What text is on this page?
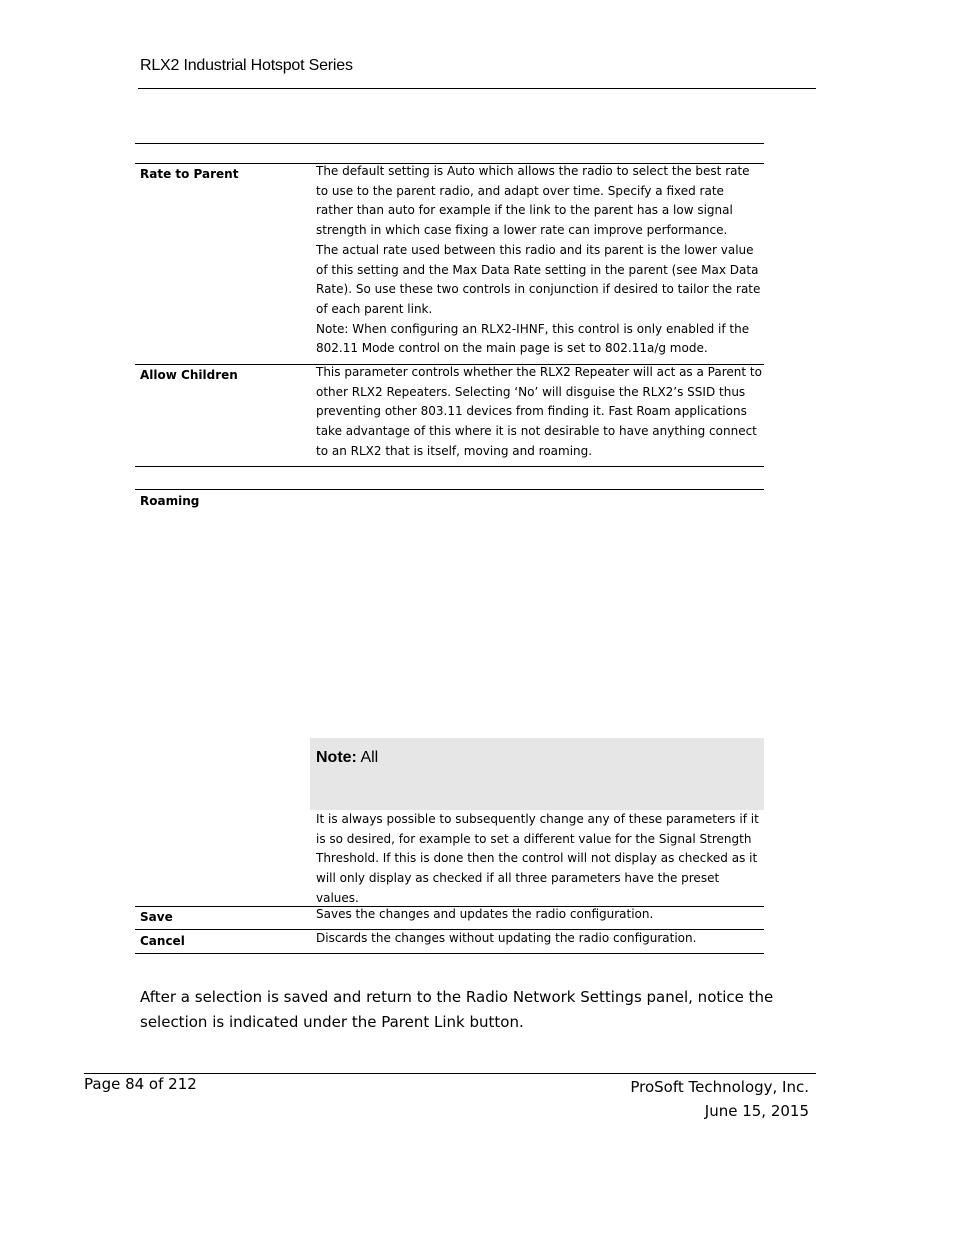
RLX2 Industrial Hotspot Series
Rate to Parent	The default setting is Auto which allows the radio to select the best rate to use to the parent radio, and adapt over time. Specify a fixed rate rather than auto for example if the link to the parent has a low signal strength in which case fixing a lower rate can improve performance.

The actual rate used between this radio and its parent is the lower value of this setting and the Max Data Rate setting in the parent (see Max Data Rate). So use these two controls in conjunction if desired to tailor the rate of each parent link.

Note: When configuring an RLX2-IHNF, this control is only enabled if the 802.11 Mode control on the main page is set to 802.11a/g mode.

Allow Children	This parameter controls whether the RLX2 Repeater will act as a Parent to other RLX2 Repeaters. Selecting ‘No’ will disguise the RLX2’s SSID thus preventing other 803.11 devices from finding it. Fast Roam applications take advantage of this where it is not desirable to have anything connect to an RLX2 that is itself, moving and roaming.

Roaming
Note: All

It is always possible to subsequently change any of these parameters if it is so desired, for example to set a different value for the Signal Strength Threshold. If this is done then the control will not display as checked as it will only display as checked if all three parameters have the preset values.

Save	Saves the changes and updates the radio configuration.

Cancel	Discards the changes without updating the radio configuration.

After a selection is saved and return to the Radio Network Settings panel, notice the selection is indicated under the Parent Link button.
Page 84 of 212	ProSoft Technology, Inc.
June 15, 2015
